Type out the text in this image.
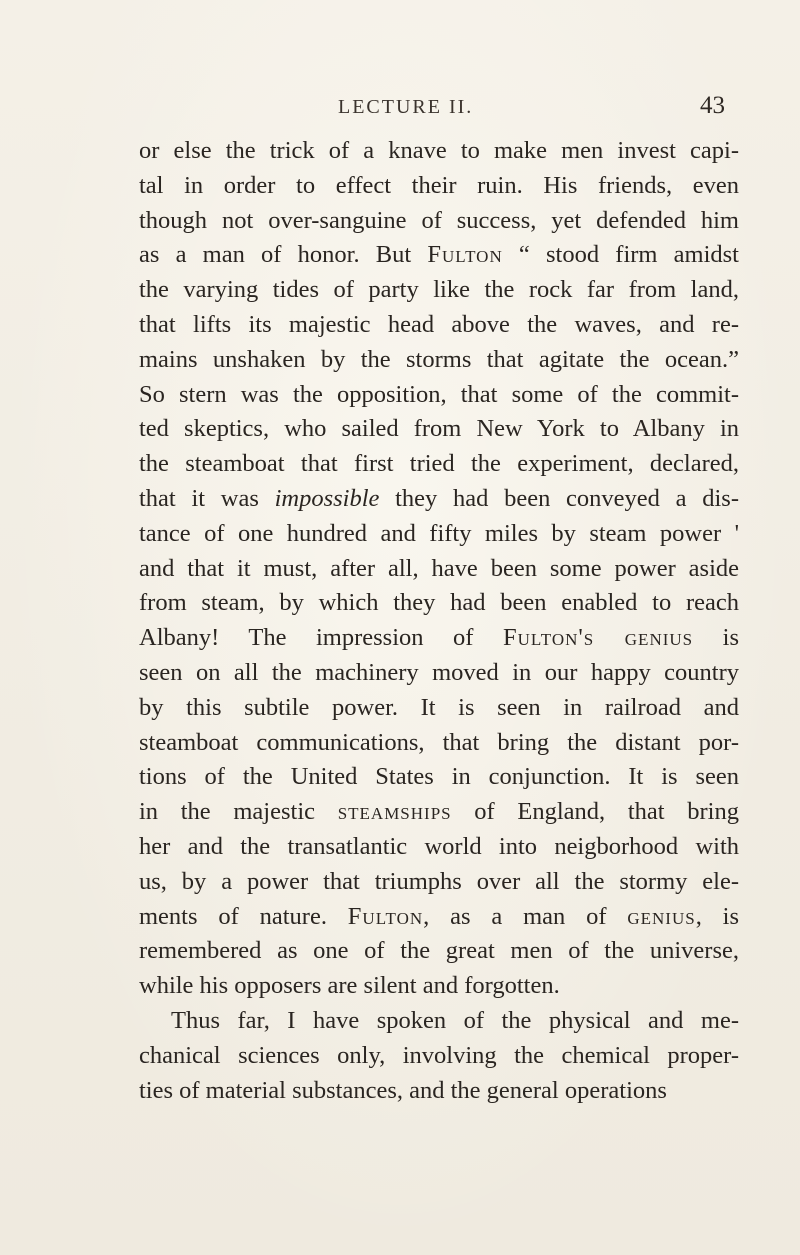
LECTURE II.	43
or else the trick of a knave to make men invest capi-
tal in order to effect their ruin. His friends, even
though not over-sanguine of success, yet defended him
as a man of honor. But Fulton “ stood firm amidst
the varying tides of party like the rock far from land,
that lifts its majestic head above the waves, and re-
mains unshaken by the storms that agitate the ocean.”
So stern was the opposition, that some of the commit-
ted skeptics, who sailed from New York to Albany in
the steamboat that first tried the experiment, declared,
that it was impossible they had been conveyed a dis-
tance of one hundred and fifty miles by steam power '
and that it must, after all, have been some power aside
from steam, by which they had been enabled to reach
Albany! The impression of Fulton's genius is
seen on all the machinery moved in our happy country
by this subtile power. It is seen in railroad and
steamboat communications, that bring the distant por-
tions of the United States in conjunction. It is seen
in the majestic steamships of England, that bring
her and the transatlantic world into neigborhood with
us, by a power that triumphs over all the stormy ele-
ments of nature. Fulton, as a man of genius, is
remembered as one of the great men of the universe,
while his opposers are silent and forgotten.
Thus far, I have spoken of the physical and me-
chanical sciences only, involving the chemical proper-
ties of material substances, and the general operations
